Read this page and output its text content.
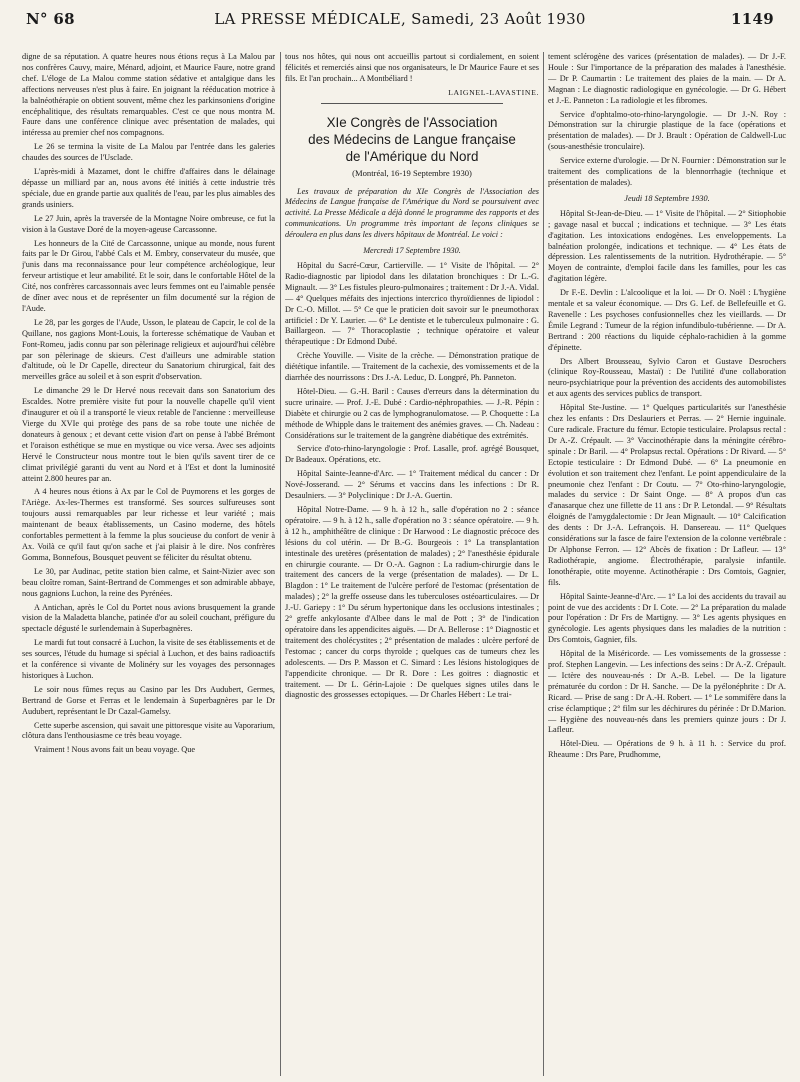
N° 68	LA PRESSE MÉDICALE, Samedi, 23 Août 1930	1149

digne de sa réputation. A quatre heures nous étions reçus à La Malou par nos confrères Cauvy, maire, Ménard, adjoint, et Maurice Faure, notre grand chef. L'éloge de La Malou comme station sédative et antalgique dans les affections nerveuses n'est plus à faire. En joignant la rééducation motrice à la balnéothérapie on obtient souvent, même chez les parkinsoniens d'origine encéphalitique, des résultats remarquables. C'est ce que nous montra M. Faure dans une conférence clinique avec présentation de malades, qui intéressa au premier chef nos compagnons.

Le 26 se termina la visite de La Malou par l'entrée dans les galeries chaudes des sources de l'Usclade.

L'après-midi à Mazamet, dont le chiffre d'affaires dans le délainage dépasse un milliard par an, nous avons été initiés à cette industrie très spéciale, due en grande partie aux qualités de l'eau, par les plus aimables des grands usiniers.

Le 27 Juin, après la traversée de la Montagne Noire ombreuse, ce fut la vision à la Gustave Doré de la moyen-ageuse Carcassonne.

Les honneurs de la Cité de Carcassonne, unique au monde, nous furent faits par le Dr Girou, l'abbé Cals et M. Embry, conservateur du musée, que j'unis dans ma reconnaissance pour leur compétence archéologique, leur ferveur artistique et leur amabilité. Et le soir, dans le confortable Hôtel de la Cité, nos confrères carcassonnais avec leurs femmes ont eu l'aimable pensée de dîner avec nous et de représenter un film documenté sur la région de l'Aude.

Le 28, par les gorges de l'Aude, Usson, le plateau de Capcir, le col de la Quillane, nos gagions Mont-Louis, la forteresse schématique de Vauban et Font-Romeu, jadis connu par son pèlerinage religieux et aujourd'hui célèbre par son pèlerinage de skieurs. C'est d'ailleurs une admirable station d'altitude, où le Dr Capelle, directeur du Sanatorium chirurgical, fait des merveilles grâce au soleil et à son esprit d'observation.

Le dimanche 29 le Dr Hervé nous recevait dans son Sanatorium des Escaldes. Notre première visite fut pour la nouvelle chapelle qu'il vient d'inaugurer et où il a transporté le vieux retable de l'ancienne : merveilleuse Vierge du XVIe qui protège des pans de sa robe toute une nichée de donateurs à genoux ; et devant cette vision d'art on pense à l'abbé Brémont et l'oraison esthétique se mue en mystique ou vice versa. Avec ses adjoints Hervé le Constructeur nous montre tout le bien qu'ils savent tirer de ce climat privilégié garanti du vent au Nord et à l'Est et dont la luminosité atteint 2.800 heures par an.

A 4 heures nous étions à Ax par le Col de Puymorens et les gorges de l'Ariège. Ax-les-Thermes est transformé. Ses sources sulfureuses sont toujours aussi remarquables par leur richesse et leur variété ; mais maintenant de beaux établissements, un Casino moderne, des hôtels confortables permettent à la femme la plus soucieuse du confort de venir à Ax. Voilà ce qu'il faut qu'on sache et j'ai plaisir à le dire. Nos confrères Gomma, Bonnefous, Bousquet peuvent se féliciter du résultat obtenu.

Le 30, par Audinac, petite station bien calme, et Saint-Nizier avec son beau cloître roman, Saint-Bertrand de Commenges et son admirable abbaye, nous gagnions Luchon, la reine des Pyrénées.

A Antichan, après le Col du Portet nous avions brusquement la grande vision de la Maladetta blanche, patinée d'or au soleil couchant, préfigure du spectacle dégusté le surlendemain à Superbagnères.

Le mardi fut tout consacré à Luchon, la visite de ses établissements et de ses sources, l'étude du humage si spécial à Luchon, et des bains radioactifs et la conférence si vivante de Molinéry sur les voyages des personnages historiques à Luchon.

Le soir nous fûmes reçus au Casino par les Drs Audubert, Germes, Bertrand de Gorse et Ferras et le lendemain à Superbagnères par le Dr Audubert, représentant le Dr Cazal-Gamelsy.

Cette superbe ascension, qui savait une pittoresque visite au Vaporarium, clôtura dans l'enthousiasme ce très beau voyage.

Vraiment ! Nous avons fait un beau voyage. Que

tous nos hôtes, qui nous ont accueillis partout si cordialement, en soient félicités et remerciés ainsi que nos organisateurs, le Dr Maurice Faure et ses fils. Et l'an prochain... A Montbéliard !

LAIGNEL-LAVASTINE.

XIe Congrès de l'Association
des Médecins de Langue française
de l'Amérique du Nord

(Montréal, 16-19 Septembre 1930)

Les travaux de préparation du XIe Congrès de l'Association des Médecins de Langue française de l'Amérique du Nord se poursuivent avec activité. La Presse Médicale a déjà donné le programme des rapports et des communications. Un programme très important de leçons cliniques se déroulera en plus dans les divers hôpitaux de Montréal. Le voici :

Mercredi 17 Septembre 1930.

Hôpital du Sacré-Cœur, Cartierville. — 1° Visite de l'hôpital. — 2° Radio-diagnostic par lipiodol dans les dilatation bronchiques : Dr L.-G. Mignault. — 3° Les fistules pleuro-pulmonaires ; traitement : Dr J.-A. Vidal. — 4° Quelques méfaits des injections intercrico thyroïdiennes de lipiodol : Dr C.-O. Millot. — 5° Ce que le praticien doit savoir sur le pneumothorax artificiel : Dr Y. Laurier. — 6° Le dentiste et le tuberculeux pulmonaire : G. Baillargeon. — 7° Thoracoplastie ; technique opératoire et valeur thérapeutique : Dr Edmond Dubé.

Crèche Youville. — Visite de la crèche. — Démonstration pratique de diététique infantile. — Traitement de la cachexie, des vomissements et de la diarrhée des nourrissons : Drs J.-A. Leduc, D. Longpré, Ph. Panneton.

Hôtel-Dieu. — G.-H. Baril : Causes d'erreurs dans la détermination du sucre urinaire. — Prof. J.-E. Dubé : Cardio-néphropathies. — J.-R. Pépin : Diabète et chirurgie ou 2 cas de lymphogranulomatose. — P. Choquette : La méthode de Whipple dans le traitement des anémies graves. — Ch. Nadeau : Considérations sur le traitement de la gangrène diabétique des extrémités.

Service d'oto-rhino-laryngologie : Prof. Lasalle, prof. agrégé Bousquet, Dr Badeaux. Opérations, etc.

Hôpital Sainte-Jeanne-d'Arc. — 1° Traitement médical du cancer : Dr Nové-Josserand. — 2° Sérums et vaccins dans les infections : Dr R. Desaulniers. — 3° Polyclinique : Dr J.-A. Guertin.

Hôpital Notre-Dame. — 9 h. à 12 h., salle d'opération no 2 : séance opératoire. — 9 h. à 12 h., salle d'opération no 3 : séance opératoire. — 9 h. à 12 h., amphithéâtre de clinique : Dr Harwood : Le diagnostic précoce des lésions du col utérin. — Dr B.-G. Bourgeois : 1° La transplantation intestinale des uretères (présentation de malades) ; 2° l'anesthésie épidurale en chirurgie courante. — Dr O.-A. Gagnon : La radium-chirurgie dans le traitement des cancers de la verge (présentation de malades). — Dr L. Blagdon : 1° Le traitement de l'ulcère perforé de l'estomac (présentation de malades) ; 2° la greffe osseuse dans les tuberculoses ostéoarticulaires. — Dr J.-U. Gariepy : 1° Du sérum hypertonique dans les occlusions intestinales ; 2° greffe ankylosante d'Albee dans le mal de Pott ; 3° de l'indication opératoire dans les appendicites aiguës. — Dr A. Bellerose : 1° Diagnostic et traitement des cholécystites ; 2° présentation de malades : ulcère perforé de l'estomac ; cancer du corps thyroïde ; quelques cas de tumeurs chez les adolescents. — Drs P. Masson et C. Simard : Les lésions histologiques de l'appendicite chronique. — Dr R. Dore : Les goitres : diagnostic et traitement. — Dr L. Gérin-Lajoie : De quelques signes utiles dans le diagnostic des grossesses ectopiques. — Dr Charles Hébert : Le trai-

tement sclérogène des varices (présentation de malades). — Dr J.-F. Houle : Sur l'importance de la préparation des malades à l'anesthésie. — Dr P. Caumartin : Le traitement des plaies de la main. — Dr A. Magnan : Le diagnostic radiologique en gynécologie. — Dr G. Hébert et J.-E. Panneton : La radiologie et les fibromes.

Service d'ophtalmo-oto-rhino-laryngologie. — Dr J.-N. Roy : Démonstration sur la chirurgie plastique de la face (opérations et présentation de malades). — Dr J. Brault : Opération de Caldwell-Luc (sous-anesthésie tronculaire).

Service externe d'urologie. — Dr N. Fournier : Démonstration sur le traitement des complications de la blennorrhagie (technique et présentation de malades).

Jeudi 18 Septembre 1930.

Hôpital St-Jean-de-Dieu. — 1° Visite de l'hôpital. — 2° Sitiophobie ; gavage nasal et buccal ; indications et technique. — 3° Les états d'agitation. Les intoxications endogènes. Les enveloppements. La balnéation prolongée, indications et technique. — 4° Les états de dépression. Les ralentissements de la nutrition. Hydrothérapie. — 5° Moyen de contrainte, d'emploi facile dans les familles, pour les cas d'agitation légère.

Dr F.-E. Devlin : L'alcoolique et la loi. — Dr O. Noël : L'hygiène mentale et sa valeur économique. — Drs G. Lef. de Bellefeuille et G. Ravenelle : Les psychoses confusionnelles chez les vieillards. — Dr Émile Legrand : Tumeur de la région infundibulo-tubérienne. — Dr A. Bertrand : 200 réactions du liquide céphalo-rachidien à la gomme d'épinette.

Drs Albert Brousseau, Sylvio Caron et Gustave Desrochers (clinique Roy-Rousseau, Mastaï) : De l'utilité d'une collaboration neuro-psychiatrique pour la prévention des accidents des automobilistes et aux agents des services publics de transport.

Hôpital Ste-Justine. — 1° Quelques particularités sur l'anesthésie chez les enfants : Drs Deslauriers et Perras. — 2° Hernie inguinale. Cure radicale. Fracture du fémur. Ectopie testiculaire. Prolapsus rectal : Dr A.-Z. Crépault. — 3° Vaccinothérapie dans la méningite cérébro-spinale : Dr Baril. — 4° Prolapsus rectal. Opérations : Dr Rivard. — 5° Ectopie testiculaire : Dr Edmond Dubé. — 6° La pneumonie en évolution et son traitement chez l'enfant. Le point appendiculaire de la pneumonie chez l'enfant : Dr Coutu. — 7° Oto-rhino-laryngologie, malades du service : Dr Saint Onge. — 8° A propos d'un cas d'anasarque chez une fillette de 11 ans : Dr P. Letondal. — 9° Résultats éloignés de l'amygdalectomie : Dr Jean Mignault. — 10° Calcification des dents : Dr J.-A. Lefrançois. H. Dansereau. — 11° Quelques considérations sur la fasce de faire l'extension de la colonne vertébrale : Dr Alphonse Ferron. — 12° Abcès de fixation : Dr Lafleur. — 13° Radiothérapie, angiome. Électrothérapie, paralysie infantile. Ionothérapie, otite moyenne. Actinothérapie : Drs Comtois, Gagnier, fils.

Hôpital Sainte-Jeanne-d'Arc. — 1° La loi des accidents du travail au point de vue des accidents : Dr I. Cote. — 2° La préparation du malade pour l'opération : Dr Frs de Martigny. — 3° Les agents physiques en gynécologie. Les agents physiques dans les maladies de la nutrition : Drs Comtois, Gagnier, fils.

Hôpital de la Miséricorde. — Les vomissements de la grossesse : prof. Stephen Langevin. — Les infections des seins : Dr A.-Z. Crépault. — Ictère des nouveau-nés : Dr A.-B. Lebel. — De la ligature prématurée du cordon : Dr H. Sanche. — De la pyélonéphrite : Dr A. Ricard. — Prise de sang : Dr A.-H. Robert. — 1° Le sommifère dans la crise éclamptique ; 2° film sur les déchirures du périnée : Dr D.Marion. — Hygiène des nouveau-nés dans les premiers quinze jours : Dr J. Lafleur.

Hôtel-Dieu. — Opérations de 9 h. à 11 h. : Service du prof. Rheaume : Drs Pare, Prudhomme,
